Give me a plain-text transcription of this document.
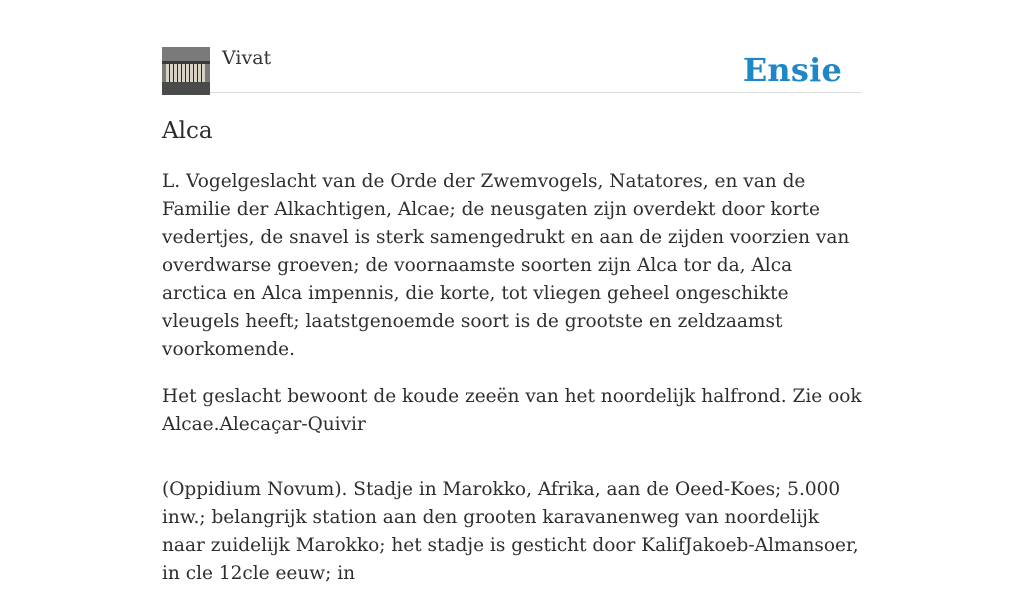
Vivat	Ensie
Alca

L. Vogelgeslacht van de Orde der Zwemvogels, Natatores, en van de Familie der Alkachtigen, Alcae; de neusgaten zijn overdekt door korte vedertjes, de snavel is sterk samengedrukt en aan de zijden voorzien van overdwarse groeven; de voornaamste soorten zijn Alca tor da, Alca arctica en Alca impennis, die korte, tot vliegen geheel ongeschikte vleugels heeft; laatstgenoemde soort is de grootste en zeldzaamst voorkomende.

Het geslacht bewoont de koude zeeën van het noordelijk halfrond. Zie ook Alcae.Alecaçar-Quivir

(Oppidium Novum). Stadje in Marokko, Afrika, aan de Oeed-Koes; 5.000 inw.; belangrijk station aan den grooten karavanenweg van noordelijk naar zuidelijk Marokko; het stadje is gesticht door KalifJakoeb-Almansoer, in cle 12cle eeuw; in
